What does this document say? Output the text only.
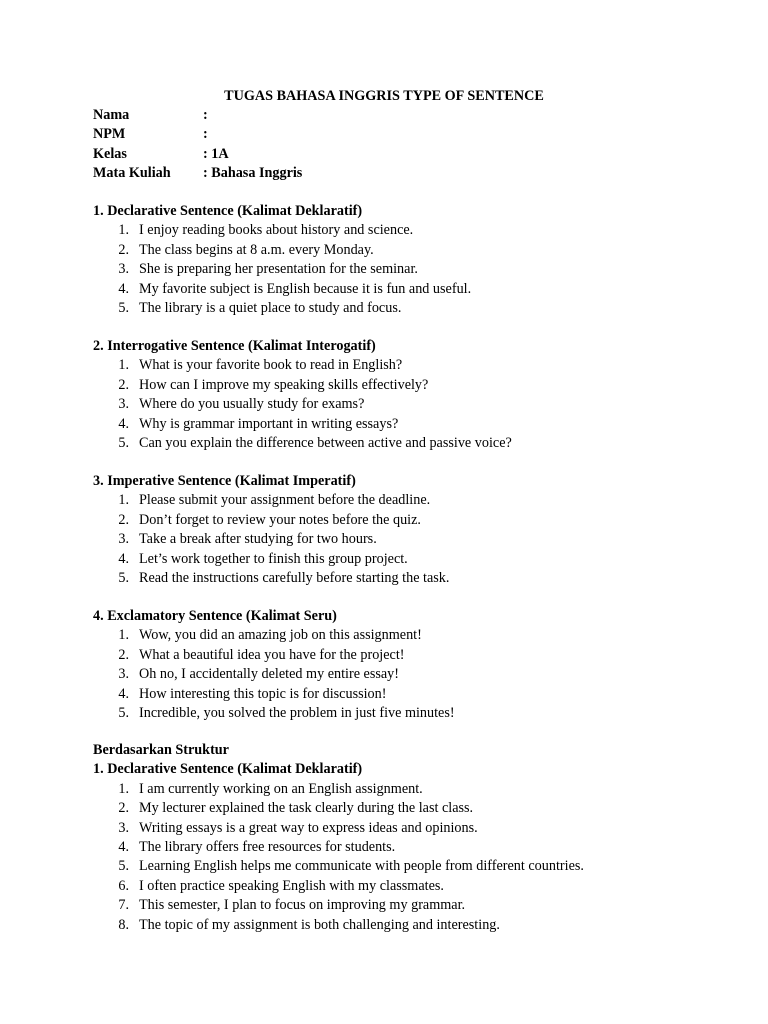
TUGAS BAHASA INGGRIS TYPE OF SENTENCE
Nama	:
NPM	:
Kelas	: 1A
Mata Kuliah : Bahasa Inggris
1. Declarative Sentence (Kalimat Deklaratif)
1. I enjoy reading books about history and science.
2. The class begins at 8 a.m. every Monday.
3. She is preparing her presentation for the seminar.
4. My favorite subject is English because it is fun and useful.
5. The library is a quiet place to study and focus.
2. Interrogative Sentence (Kalimat Interogatif)
1. What is your favorite book to read in English?
2. How can I improve my speaking skills effectively?
3. Where do you usually study for exams?
4. Why is grammar important in writing essays?
5. Can you explain the difference between active and passive voice?
3. Imperative Sentence (Kalimat Imperatif)
1. Please submit your assignment before the deadline.
2. Don’t forget to review your notes before the quiz.
3. Take a break after studying for two hours.
4. Let’s work together to finish this group project.
5. Read the instructions carefully before starting the task.
4. Exclamatory Sentence (Kalimat Seru)
1. Wow, you did an amazing job on this assignment!
2. What a beautiful idea you have for the project!
3. Oh no, I accidentally deleted my entire essay!
4. How interesting this topic is for discussion!
5. Incredible, you solved the problem in just five minutes!
Berdasarkan Struktur
1. Declarative Sentence (Kalimat Deklaratif)
1. I am currently working on an English assignment.
2. My lecturer explained the task clearly during the last class.
3. Writing essays is a great way to express ideas and opinions.
4. The library offers free resources for students.
5. Learning English helps me communicate with people from different countries.
6. I often practice speaking English with my classmates.
7. This semester, I plan to focus on improving my grammar.
8. The topic of my assignment is both challenging and interesting.
